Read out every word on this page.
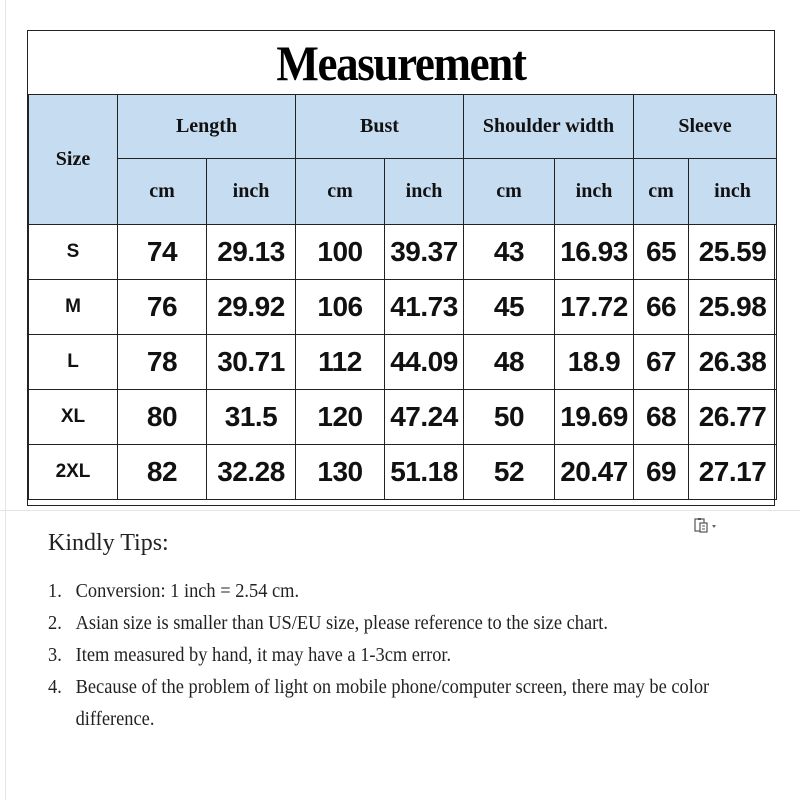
Measurement
Size	Length		Bust		Shoulder width		Sleeve	
	cm	inch	cm	inch	cm	inch	cm	inch
S	74	29.13	100	39.37	43	16.93	65	25.59
M	76	29.92	106	41.73	45	17.72	66	25.98
L	78	30.71	112	44.09	48	18.9	67	26.38
XL	80	31.5	120	47.24	50	19.69	68	26.77
2XL	82	32.28	130	51.18	52	20.47	69	27.17
Kindly Tips:
1. Conversion: 1 inch = 2.54 cm.
2. Asian size is smaller than US/EU size, please reference to the size chart.
3. Item measured by hand, it may have a 1-3cm error.
4. Because of the problem of light on mobile phone/computer screen, there may be color difference.
